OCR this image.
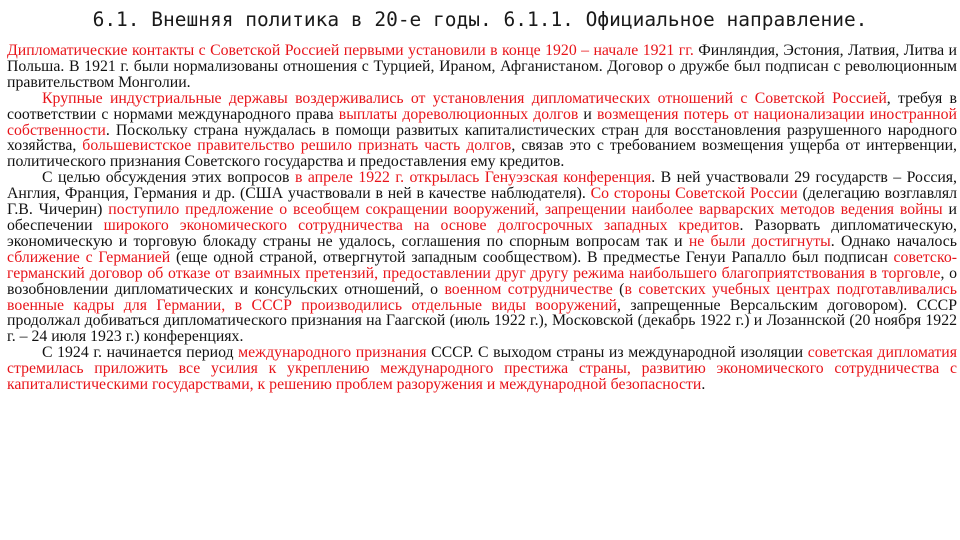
6.1. Внешняя политика в 20-е годы. 6.1.1. Официальное направление.

Дипломатические контакты с Советской Россией первыми установили в конце 1920 – начале 1921 гг. Финляндия, Эстония, Латвия, Литва и Польша. В 1921 г. были нормализованы отношения с Турцией, Ираном, Афганистаном. Договор о дружбе был подписан с революционным правительством Монголии.

Крупные индустриальные державы воздерживались от установления дипломатических отношений с Советской Россией, требуя в соответствии с нормами международного права выплаты дореволюционных долгов и возмещения потерь от национализации иностранной собственности. Поскольку страна нуждалась в помощи развитых капиталистических стран для восстановления разрушенного народного хозяйства, большевистское правительство решило признать часть долгов, связав это с требованием возмещения ущерба от интервенции, политического признания Советского государства и предоставления ему кредитов.

С целью обсуждения этих вопросов в апреле 1922 г. открылась Генуэзская конференция. В ней участвовали 29 государств – Россия, Англия, Франция, Германия и др. (США участвовали в ней в качестве наблюдателя). Со стороны Советской России (делегацию возглавлял Г.В. Чичерин) поступило предложение о всеобщем сокращении вооружений, запрещении наиболее варварских методов ведения войны и обеспечении широкого экономического сотрудничества на основе долгосрочных западных кредитов. Разорвать дипломатическую, экономическую и торговую блокаду страны не удалось, соглашения по спорным вопросам так и не были достигнуты. Однако началось сближение с Германией (еще одной страной, отвергнутой западным сообществом). В предместье Генуи Рапалло был подписан советско-германский договор об отказе от взаимных претензий, предоставлении друг другу режима наибольшего благоприятствования в торговле, о возобновлении дипломатических и консульских отношений, о военном сотрудничестве (в советских учебных центрах подготавливались военные кадры для Германии, в СССР производились отдельные виды вооружений, запрещенные Версальским договором). СССР продолжал добиваться дипломатического признания на Гаагской (июль 1922 г.), Московской (декабрь 1922 г.) и Лозаннской (20 ноября 1922 г. – 24 июля 1923 г.) конференциях.

С 1924 г. начинается период международного признания СССР. С выходом страны из международной изоляции советская дипломатия стремилась приложить все усилия к укреплению международного престижа страны, развитию экономического сотрудничества с капиталистическими государствами, к решению проблем разоружения и международной безопасности.
